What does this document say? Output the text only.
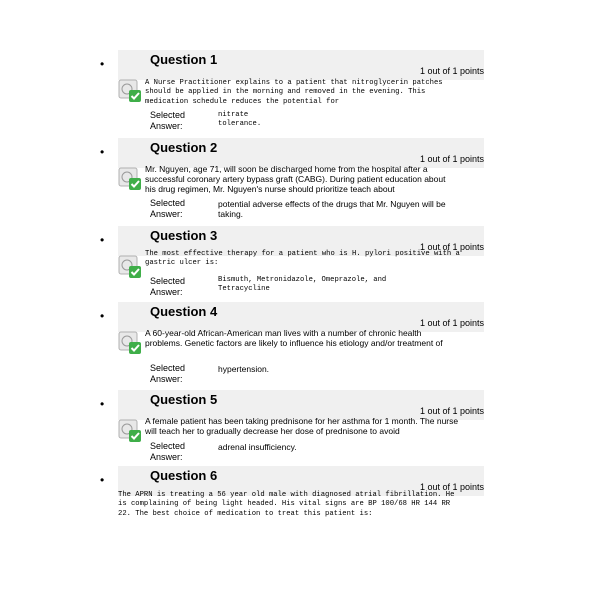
•	Question 1
1 out of 1 points
A Nurse Practitioner explains to a patient that nitroglycerin patches should be applied in the morning and removed in the evening. This medication schedule reduces the potential for
Selected Answer:
nitrate tolerance.
•	Question 2
1 out of 1 points
Mr. Nguyen, age 71, will soon be discharged home from the hospital after a successful coronary artery bypass graft (CABG). During patient education about his drug regimen, Mr. Nguyen's nurse should prioritize teach about
Selected Answer:
potential adverse effects of the drugs that Mr. Nguyen will be taking.
•	Question 3
1 out of 1 points
The most effective therapy for a patient who is H. pylori positive with a gastric ulcer is:
Selected Answer:
Bismuth, Metronidazole, Omeprazole, and Tetracycline
•	Question 4
1 out of 1 points
A 60-year-old African-American man lives with a number of chronic health problems. Genetic factors are likely to influence his etiology and/or treatment of
Selected Answer:
hypertension.
•	Question 5
1 out of 1 points
A female patient has been taking prednisone for her asthma for 1 month. The nurse will teach her to gradually decrease her dose of prednisone to avoid
Selected Answer:
adrenal insufficiency.
•	Question 6
1 out of 1 points
The APRN is treating a 56 year old male with diagnosed atrial fibrillation. He is complaining of being light headed. His vital signs are BP 100/68 HR 144 RR 22. The best choice of medication to treat this patient is:
